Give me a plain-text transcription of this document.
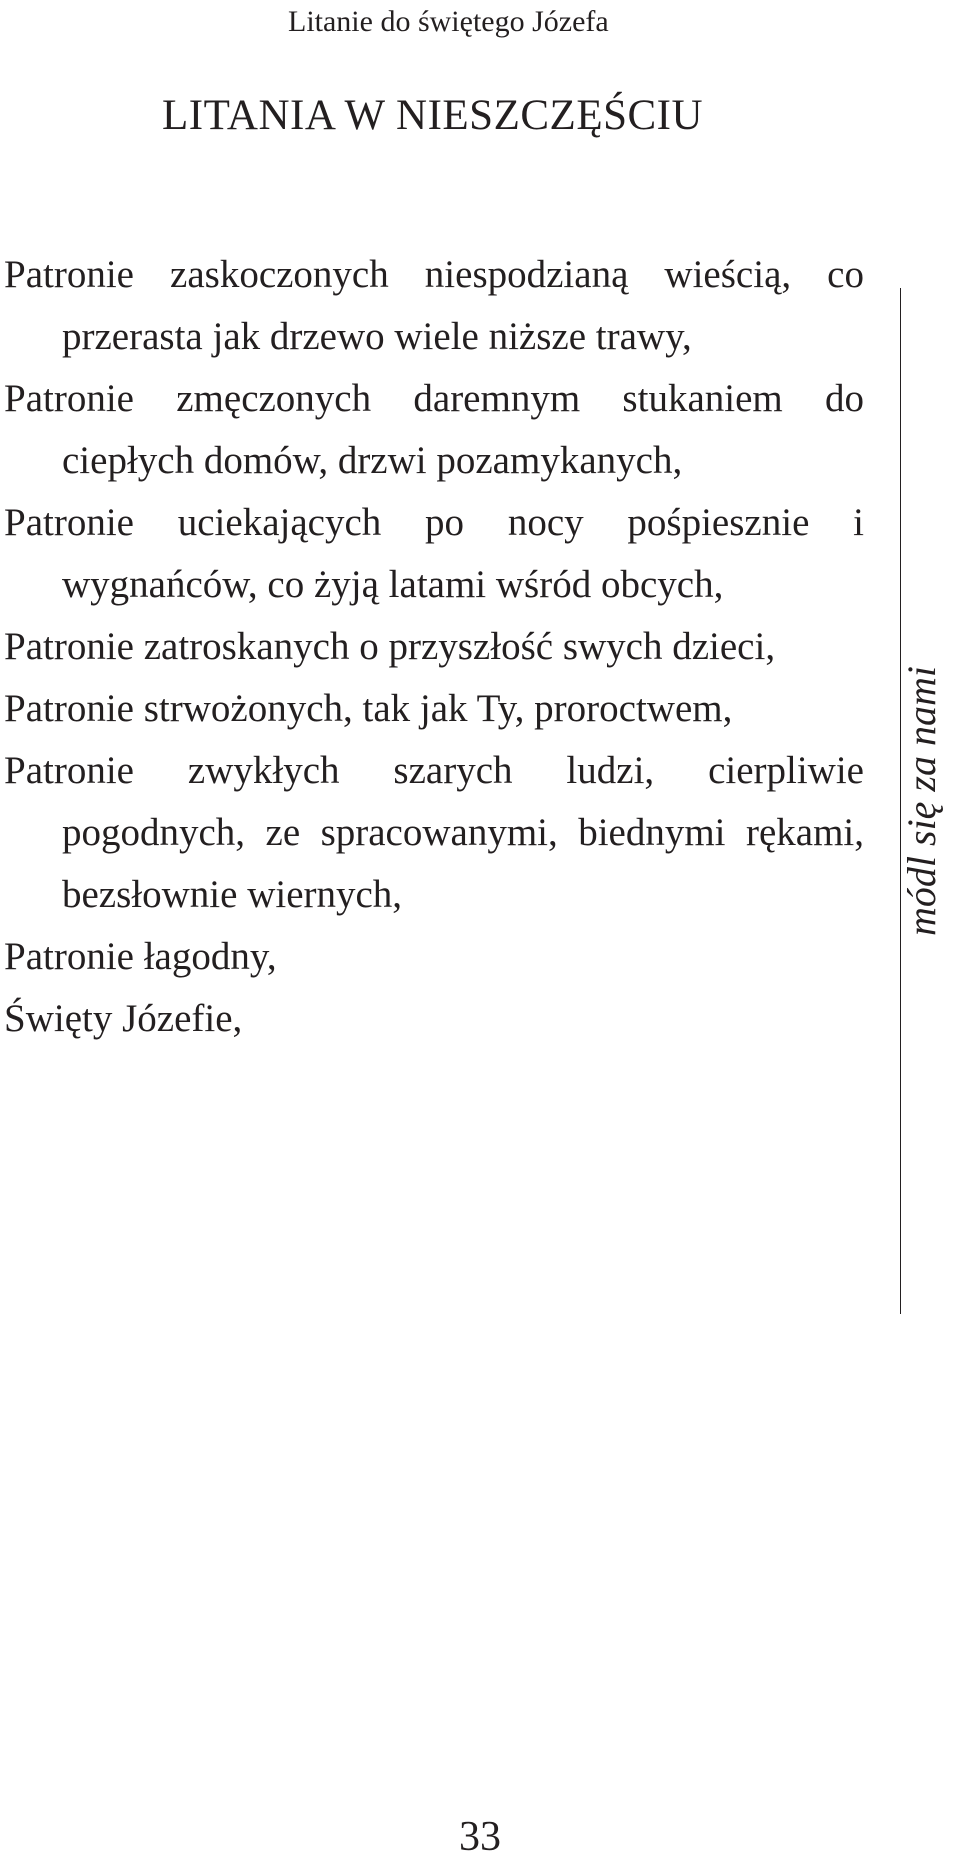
Litanie do świętego Józefa
LITANIA W NIESZCZĘŚCIU

Patronie zaskoczonych niespodzianą wieścią, co przerasta jak drzewo wiele niższe trawy,

Patronie zmęczonych daremnym stukaniem do ciepłych domów, drzwi pozamykanych,

Patronie uciekających po nocy pośpiesznie i wygnańców, co żyją latami wśród obcych,

Patronie zatroskanych o przyszłość swych dzieci,

Patronie strwożonych, tak jak Ty, proroctwem,

Patronie zwykłych szarych ludzi, cierpliwie pogodnych, ze spracowanymi, biednymi rękami, bezsłownie wiernych,

Patronie łagodny,

Święty Józefie,

módl się za nami
33
